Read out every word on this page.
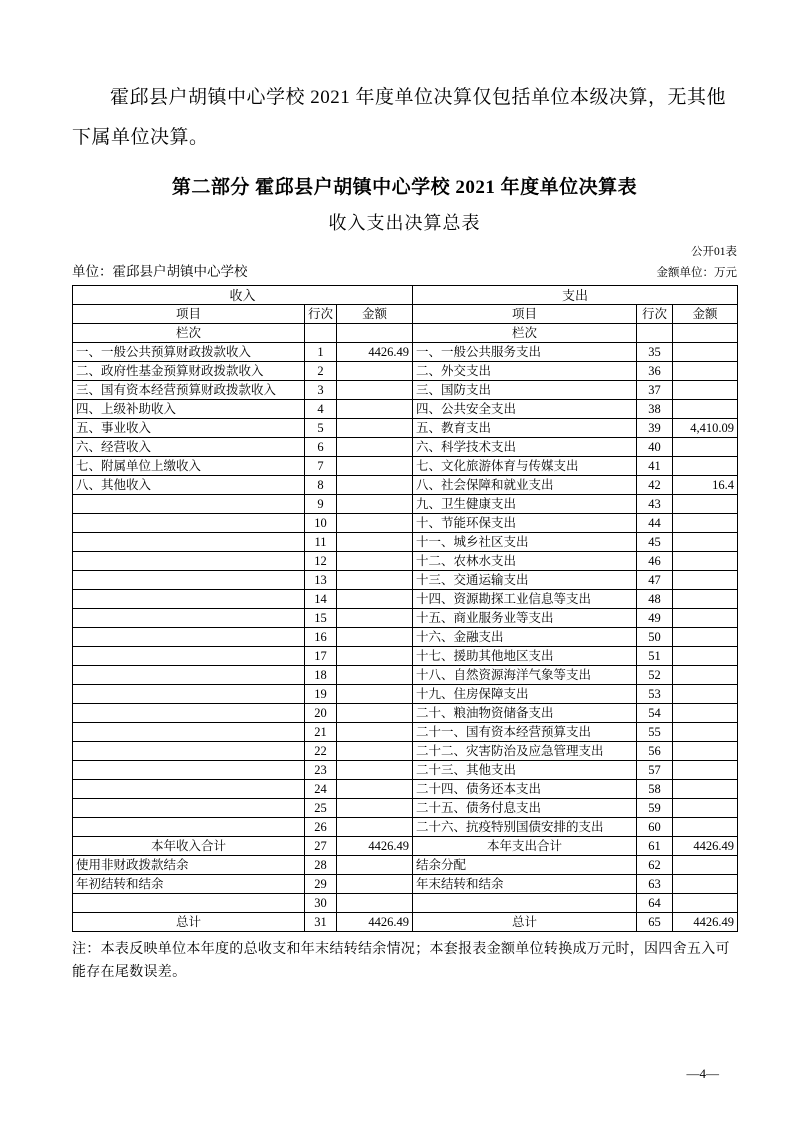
霍邱县户胡镇中心学校 2021 年度单位决算仅包括单位本级决算，无其他下属单位决算。

第二部分 霍邱县户胡镇中心学校 2021 年度单位决算表
收入支出决算总表
公开01表
单位：霍邱县户胡镇中心学校	金额单位：万元
收入			支出		
项目	行次	金额	项目	行次	金额
栏次			栏次		
一、一般公共预算财政拨款收入	1	4426.49	一、一般公共服务支出	35	
二、政府性基金预算财政拨款收入	2		二、外交支出	36	
三、国有资本经营预算财政拨款收入	3		三、国防支出	37	
四、上级补助收入	4		四、公共安全支出	38	
五、事业收入	5		五、教育支出	39	4,410.09
六、经营收入	6		六、科学技术支出	40	
七、附属单位上缴收入	7		七、文化旅游体育与传媒支出	41	
八、其他收入	8		八、社会保障和就业支出	42	16.4
	9		九、卫生健康支出	43	
	10		十、节能环保支出	44	
	11		十一、城乡社区支出	45	
	12		十二、农林水支出	46	
	13		十三、交通运输支出	47	
	14		十四、资源勘探工业信息等支出	48	
	15		十五、商业服务业等支出	49	
	16		十六、金融支出	50	
	17		十七、援助其他地区支出	51	
	18		十八、自然资源海洋气象等支出	52	
	19		十九、住房保障支出	53	
	20		二十、粮油物资储备支出	54	
	21		二十一、国有资本经营预算支出	55	
	22		二十二、灾害防治及应急管理支出	56	
	23		二十三、其他支出	57	
	24		二十四、债务还本支出	58	
	25		二十五、债务付息支出	59	
	26		二十六、抗疫特别国债安排的支出	60	
本年收入合计	27	4426.49	本年支出合计	61	4426.49
使用非财政拨款结余	28		结余分配	62	
年初结转和结余	29		年末结转和结余	63	
	30			64	
总计	31	4426.49	总计	65	4426.49

注：本表反映单位本年度的总收支和年末结转结余情况；本套报表金额单位转换成万元时，因四舍五入可能存在尾数误差。

—4—
